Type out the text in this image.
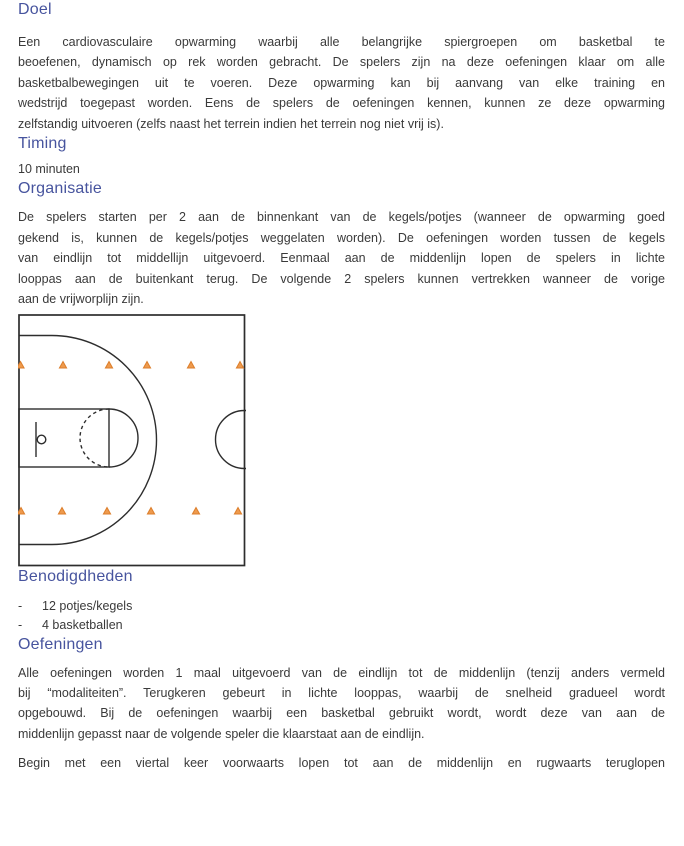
Doel
Een cardiovasculaire opwarming waarbij alle belangrijke spiergroepen om basketbal te
beoefenen, dynamisch op rek worden gebracht. De spelers zijn na deze oefeningen klaar om alle
basketbalbewegingen uit te voeren. Deze opwarming kan bij aanvang van elke training en
wedstrijd toegepast worden. Eens de spelers de oefeningen kennen, kunnen ze deze opwarming
zelfstandig uitvoeren (zelfs naast het terrein indien het terrein nog niet vrij is).
Timing

10 minuten

Organisatie
De spelers starten per 2 aan de binnenkant van de kegels/potjes (wanneer de opwarming goed
gekend is, kunnen de kegels/potjes weggelaten worden). De oefeningen worden tussen de kegels
van eindlijn tot middellijn uitgevoerd. Eenmaal aan de middenlijn lopen de spelers in lichte
looppas aan de buitenkant terug. De volgende 2 spelers kunnen vertrekken wanneer de vorige
aan de vrijworplijn zijn.
Benodigdheden
-	12 potjes/kegels
-	4 basketballen
Oefeningen
Alle oefeningen worden 1 maal uitgevoerd van de eindlijn tot de middenlijn (tenzij anders vermeld
bij “modaliteiten”. Terugkeren gebeurt in lichte looppas, waarbij de snelheid gradueel wordt
opgebouwd. Bij de oefeningen waarbij een basketbal gebruikt wordt, wordt deze van aan de
middenlijn gepasst naar de volgende speler die klaarstaat aan de eindlijn.
Begin met een viertal keer voorwaarts lopen tot aan de middenlijn en rugwaarts teruglopen
